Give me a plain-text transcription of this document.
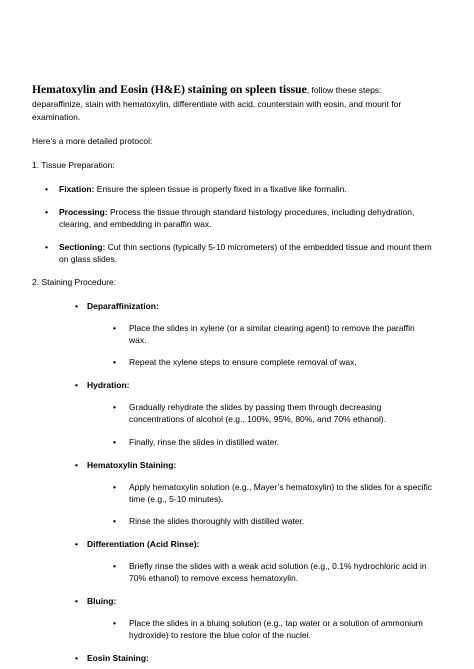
Hematoxylin and Eosin (H&E) staining on spleen tissue, follow these steps: deparaffinize, stain with hematoxylin, differentiate with acid, counterstain with eosin, and mount for examination.

Here’s a more detailed protocol:

1. Tissue Preparation:

• Fixation: Ensure the spleen tissue is properly fixed in a fixative like formalin.
• Processing: Process the tissue through standard histology procedures, including dehydration, clearing, and embedding in paraffin wax.
• Sectioning: Cut thin sections (typically 5-10 micrometers) of the embedded tissue and mount them on glass slides.

2. Staining Procedure:

•	Deparaffinization:
• Place the slides in xylene (or a similar clearing agent) to remove the paraffin wax.
• Repeat the xylene steps to ensure complete removal of wax.
•	Hydration:
• Gradually rehydrate the slides by passing them through decreasing concentrations of alcohol (e.g., 100%, 95%, 80%, and 70% ethanol).
• Finally, rinse the slides in distilled water.
•	Hematoxylin Staining:
• Apply hematoxylin solution (e.g., Mayer’s hematoxylin) to the slides for a specific time (e.g., 5-10 minutes).
• Rinse the slides thoroughly with distilled water.
•	Differentiation (Acid Rinse):
• Briefly rinse the slides with a weak acid solution (e.g., 0.1% hydrochloric acid in 70% ethanol) to remove excess hematoxylin.
•	Bluing:
• Place the slides in a bluing solution (e.g., tap water or a solution of ammonium hydroxide) to restore the blue color of the nuclei.
•	Eosin Staining:
